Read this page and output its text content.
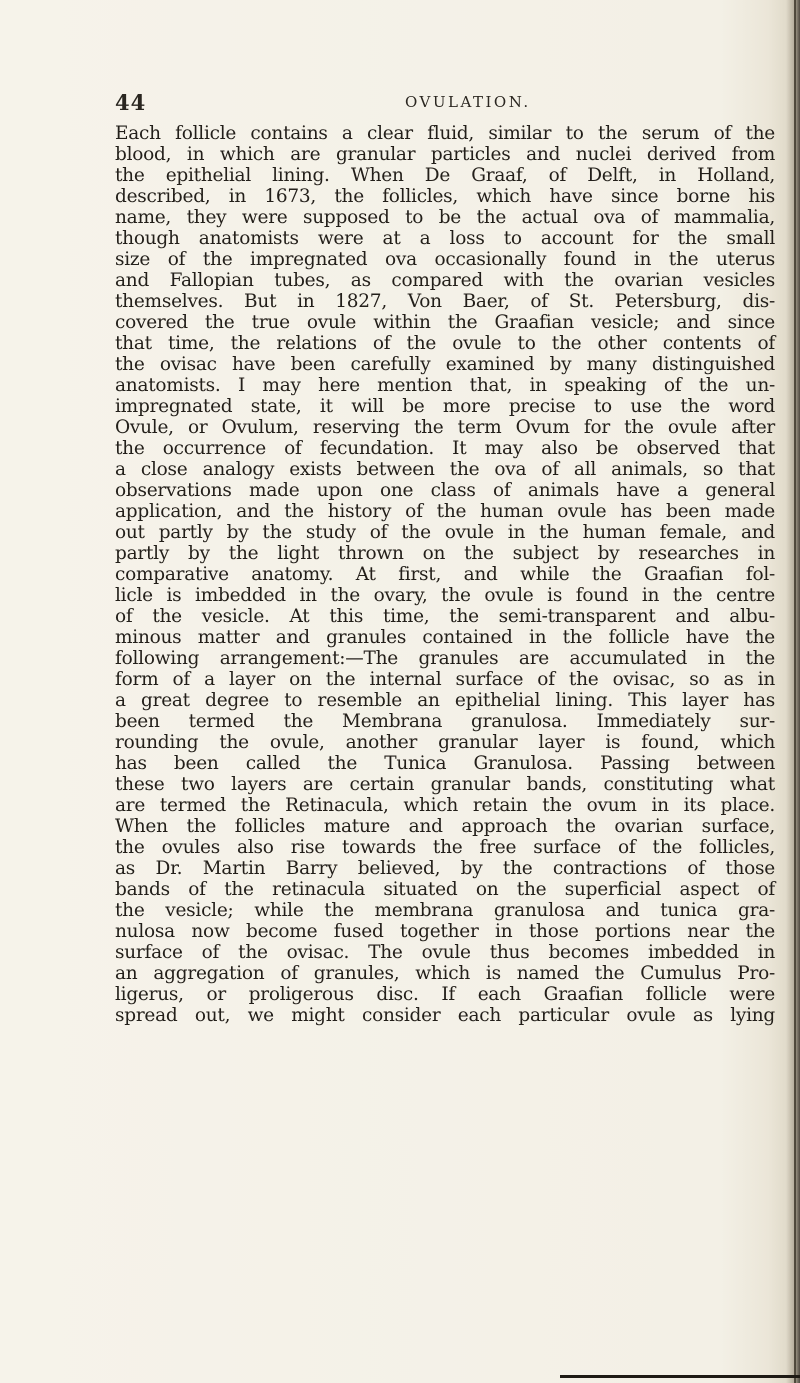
44	OVULATION.
Each follicle contains a clear fluid, similar to the serum of the
blood, in which are granular particles and nuclei derived from
the epithelial lining. When De Graaf, of Delft, in Holland,
described, in 1673, the follicles, which have since borne his
name, they were supposed to be the actual ova of mammalia,
though anatomists were at a loss to account for the small
size of the impregnated ova occasionally found in the uterus
and Fallopian tubes, as compared with the ovarian vesicles
themselves. But in 1827, Von Baer, of St. Petersburg, dis-
covered the true ovule within the Graafian vesicle; and since
that time, the relations of the ovule to the other contents of
the ovisac have been carefully examined by many distinguished
anatomists. I may here mention that, in speaking of the un-
impregnated state, it will be more precise to use the word
Ovule, or Ovulum, reserving the term Ovum for the ovule after
the occurrence of fecundation. It may also be observed that
a close analogy exists between the ova of all animals, so that
observations made upon one class of animals have a general
application, and the history of the human ovule has been made
out partly by the study of the ovule in the human female, and
partly by the light thrown on the subject by researches in
comparative anatomy. At first, and while the Graafian fol-
licle is imbedded in the ovary, the ovule is found in the centre
of the vesicle. At this time, the semi-transparent and albu-
minous matter and granules contained in the follicle have the
following arrangement:—The granules are accumulated in the
form of a layer on the internal surface of the ovisac, so as in
a great degree to resemble an epithelial lining. This layer has
been termed the Membrana granulosa. Immediately sur-
rounding the ovule, another granular layer is found, which
has been called the Tunica Granulosa. Passing between
these two layers are certain granular bands, constituting what
are termed the Retinacula, which retain the ovum in its place.
When the follicles mature and approach the ovarian surface,
the ovules also rise towards the free surface of the follicles,
as Dr. Martin Barry believed, by the contractions of those
bands of the retinacula situated on the superficial aspect of
the vesicle; while the membrana granulosa and tunica gra-
nulosa now become fused together in those portions near the
surface of the ovisac. The ovule thus becomes imbedded in
an aggregation of granules, which is named the Cumulus Pro-
ligerus, or proligerous disc. If each Graafian follicle were
spread out, we might consider each particular ovule as lying
